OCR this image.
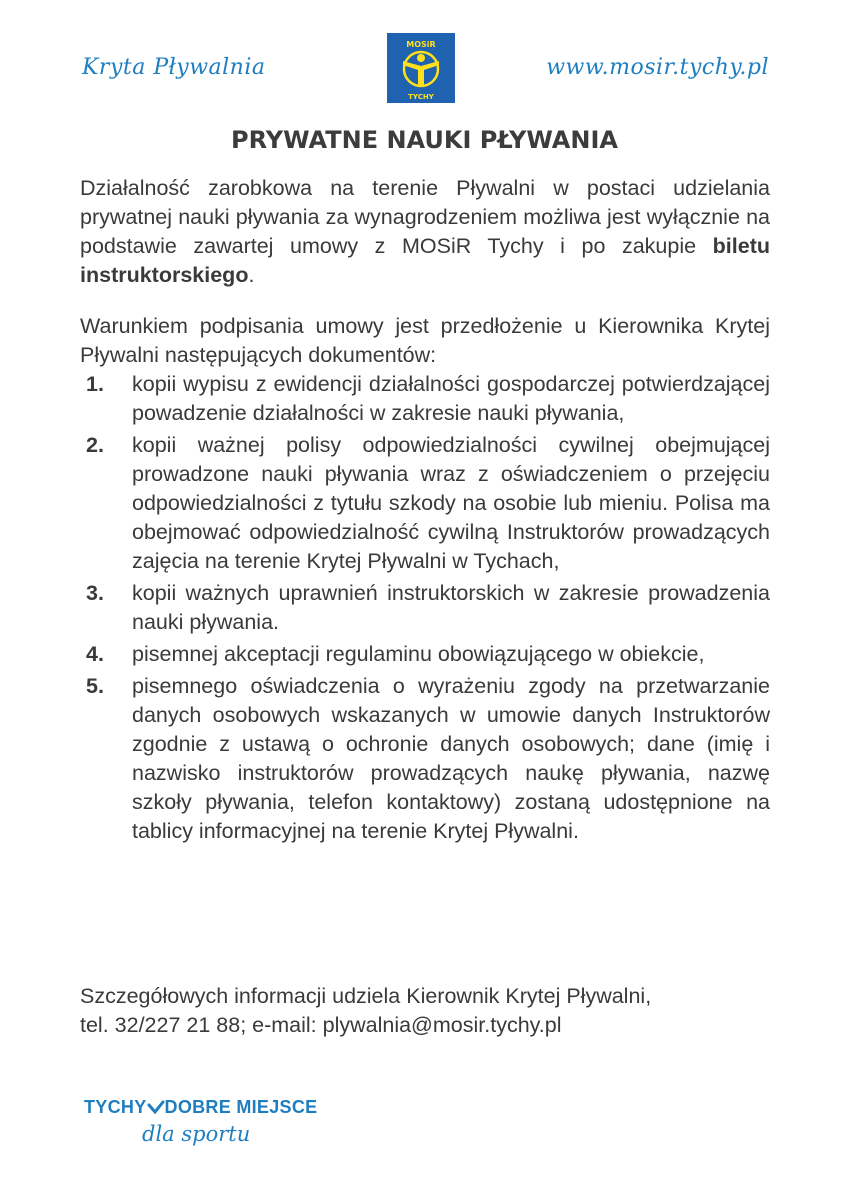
Kryta Pływalnia
MOSiR
TYCHY
www.mosir.tychy.pl
PRYWATNE NAUKI PŁYWANIA
Działalność zarobkowa na terenie Pływalni w postaci udzielania prywatnej nauki pływania za wynagrodzeniem możliwa jest wyłącznie na podstawie zawartej umowy z MOSiR Tychy i po zakupie biletu instruktorskiego.
Warunkiem podpisania umowy jest przedłożenie u Kierownika Krytej Pływalni następujących dokumentów:
1.	kopii wypisu z ewidencji działalności gospodarczej potwierdzającej powadzenie działalności w zakresie nauki pływania,
2.	kopii ważnej polisy odpowiedzialności cywilnej obejmującej prowadzone nauki pływania wraz z oświadczeniem o przejęciu odpowiedzialności z tytułu szkody na osobie lub mieniu. Polisa ma obejmować odpowiedzialność cywilną Instruktorów prowadzących zajęcia na terenie Krytej Pływalni w Tychach,
3.	kopii ważnych uprawnień instruktorskich w zakresie prowadzenia nauki pływania.
4.	pisemnej akceptacji regulaminu obowiązującego w obiekcie,
5.	pisemnego oświadczenia o wyrażeniu zgody na przetwarzanie danych osobowych wskazanych w umowie danych Instruktorów zgodnie z ustawą o ochronie danych osobowych; dane (imię i nazwisko instruktorów prowadzących naukę pływania, nazwę szkoły pływania, telefon kontaktowy) zostaną udostępnione na tablicy informacyjnej na terenie Krytej Pływalni.
Szczegółowych informacji udziela Kierownik Krytej Pływalni,
tel. 32/227 21 88; e-mail: plywalnia@mosir.tychy.pl
TYCHY DOBRE MIEJSCE
dla sportu
